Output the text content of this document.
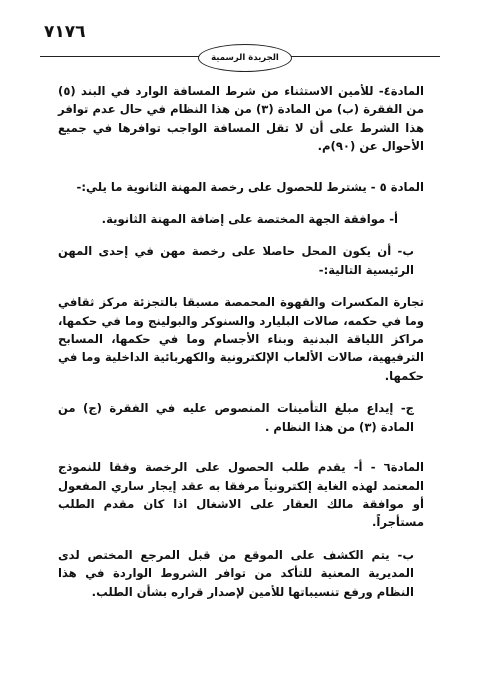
٧١٧٦
الجريدة الرسمية

المادة٤- للأمين الاستثناء من شرط المسافة الوارد في البند (٥) من الفقرة (ب) من المادة (٣) من هذا النظام في حال عدم توافر هذا الشرط على أن لا تقل المسافة الواجب توافرها في جميع الأحوال عن (٩٠)م.

المادة ٥ - يشترط للحصول على رخصة المهنة الثانوية ما يلي:-

أ- موافقة الجهة المختصة على إضافة المهنة الثانوية.

ب- أن يكون المحل حاصلا على رخصة مهن في إحدى المهن الرئيسية التالية:-

تجارة المكسرات والقهوة المحمصة مسبقا بالتجزئة مركز ثقافي وما في حكمه، صالات البليارد والسنوكر والبولينج وما في حكمها، مراكز اللياقة البدنية وبناء الأجسام وما في حكمها، المسابح الترفيهية، صالات الألعاب الإلكترونية والكهربائية الداخلية وما في حكمها.

ج- إيداع مبلغ التأمينات المنصوص عليه في الفقرة (ج) من المادة (٣) من هذا النظام .

المادة٦ - أ- يقدم طلب الحصول على الرخصة وفقا للنموذج المعتمد لهذه الغاية إلكترونياً مرفقا به عقد إيجار ساري المفعول أو موافقة مالك العقار على الاشغال اذا كان مقدم الطلب مستأجراً.

ب- يتم الكشف على الموقع من قبل المرجع المختص لدى المديرية المعنية للتأكد من توافر الشروط الواردة في هذا النظام ورفع تنسيباتها للأمين لإصدار قراره بشأن الطلب.
